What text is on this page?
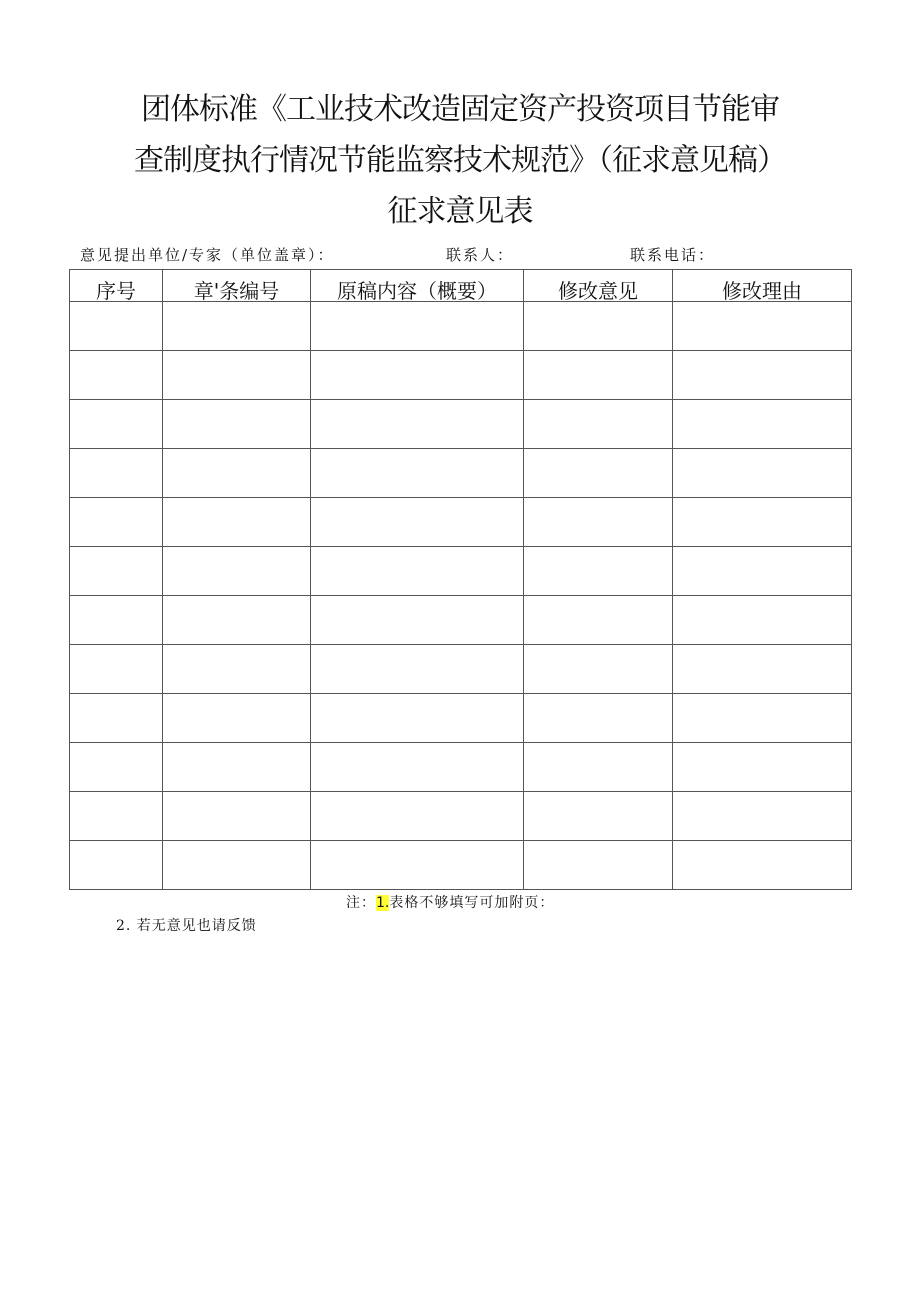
团体标准《工业技术改造固定资产投资项目节能审
查制度执行情况节能监察技术规范》（征求意见稿）
征求意见表
意见提出单位/专家（单位盖章）：	联系人：	联系电话：
序号	章'条编号	原稿内容（概要）	修改意见	修改理由

注：1.表格不够填写可加附页：
2. 若无意见也请反馈
